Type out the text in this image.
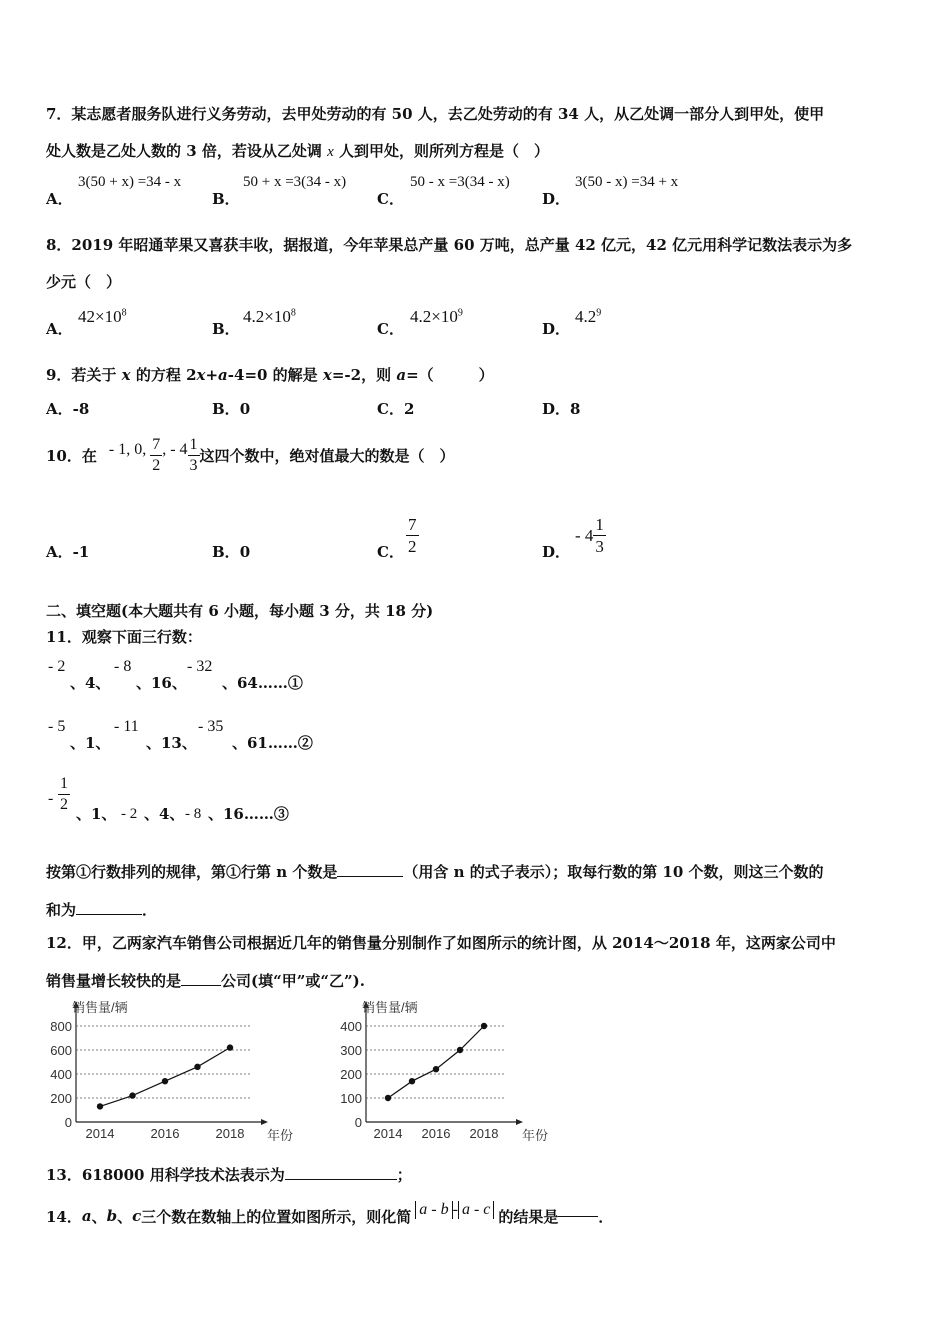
7．某志愿者服务队进行义务劳动，去甲处劳动的有 50 人，去乙处劳动的有 34 人，从乙处调一部分人到甲处，使甲
处人数是乙处人数的 3 倍，若设从乙处调 x 人到甲处，则所列方程是（　）
A．
3(50 + x) =34 - x
B．
50 + x =3(34 - x)
C．
50 - x =3(34 - x)
D．
3(50 - x) =34 + x
8．2019 年昭通苹果又喜获丰收，据报道，今年苹果总产量 60 万吨，总产量 42 亿元，42 亿元用科学记数法表示为多
少元（　）
A．
$42\times 10^8$
B．
$4.2\times 10^8$
C．
$4.2\times 10^9$
D．
$4.2^9$
9．若关于 x 的方程 2x+a-4=0 的解是 x=-2，则 a=（　　　）
A．-8	B．0	C．2	D．8
10．在 - 1, 0, $\frac{7}{2}$ , - $4 \frac{1}{3}$ 这四个数中，绝对值最大的数是（　）
A．-1	B．0	C． $\frac{7}{2}$	D．
- $4 \frac{1}{3}$
二、填空题(本大题共有 6 小题，每小题 3 分，共 18 分)
11．观察下面三行数：
- 2
、4、
- 8
、16、
- 32
、64……①
- 5
、1、
- 11
、13、
- 35
、61……②
- $\frac{1}{2}$
、1、 - 2 、4、 - 8 、16……③
按第①行数排列的规律，第①行第 n 个数是	（用含 n 的式子表示）；取每行数的第 10 个数，则这三个数的
和为	．
12．甲，乙两家汽车销售公司根据近几年的销售量分别制作了如图所示的统计图，从 2014～2018 年，这两家公司中
销售量增长较快的是	公司(填“甲”或“乙”).
0
200
400
600
800
2014	2016	2018
销售量/辆
年份
0
100
200
300
400
2014 2016 2018
销售量/辆
年份
13．618000 用科学技术法表示为	；
14． a 、 b 、 c 三个数在数轴上的位置如图所示，则化简 a - b - a - c 的结果是	．
